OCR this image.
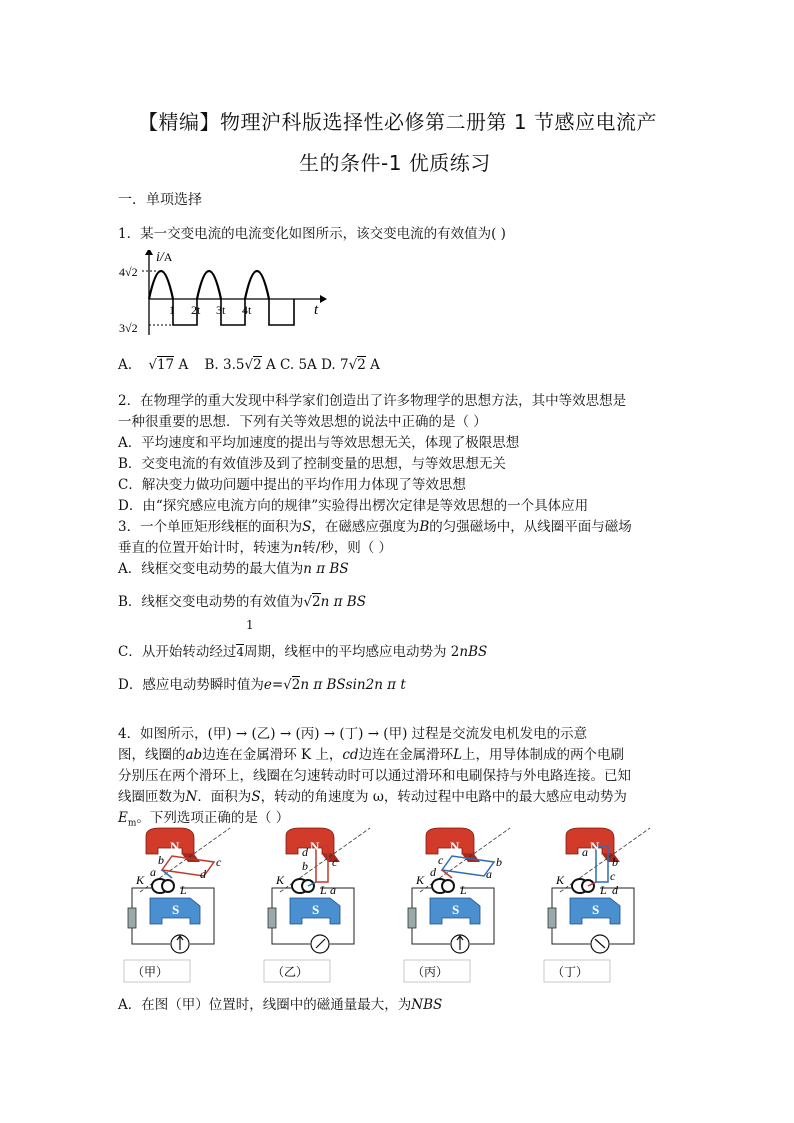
【精编】物理沪科版选择性必修第二册第 1 节感应电流产
生的条件-1 优质练习
一．单项选择
1．某一交变电流的电流变化如图所示，该交变电流的有效值为( )
i/A
4√2
3√2
t
1 2t 3t 4t
A. √17 A B. 3.5√2 A C. 5A D. 7√2 A
2．在物理学的重大发现中科学家们创造出了许多物理学的思想方法，其中等效思想是
一种很重要的思想．下列有关等效思想的说法中正确的是（ ）
A．平均速度和平均加速度的提出与等效思想无关，体现了极限思想
B．交变电流的有效值涉及到了控制变量的思想，与等效思想无关
C．解决变力做功问题中提出的平均作用力体现了等效思想
D．由“探究感应电流方向的规律”实验得出楞次定律是等效思想的一个具体应用
3．一个单匝矩形线框的面积为S，在磁感应强度为B的匀强磁场中，从线圈平面与磁场
垂直的位置开始计时，转速为n转/秒，则（ ）
A．线框交变电动势的最大值为n π BS
B．线框交变电动势的有效值为√2n π BS
1
C．从开始转动经过4周期，线框中的平均感应电动势为 2nBS
D．感应电动势瞬时值为e=√2n π BSsin2n π t
4．如图所示，(甲) → (乙) → (丙) → (丁) → (甲) 过程是交流发电机发电的示意
图，线圈的ab边连在金属滑环 K 上，cd边连在金属滑环L上，用导体制成的两个电刷
分别压在两个滑环上，线圈在匀速转动时可以通过滑环和电刷保持与外电路连接。已知
线圈匝数为N．面积为S，转动的角速度为 ω，转动过程中电路中的最大感应电动势为
$E_m$。下列选项正确的是（ ）
N
S
b	c
a	d
K
L
（甲）
N
S
d
c
b
a
K
L
（乙）
N
S
c	b
d	a
K
L
（丙）
N
S
a
b
c
d
K
L
（丁）
A．在图（甲）位置时，线圈中的磁通量最大，为NBS
